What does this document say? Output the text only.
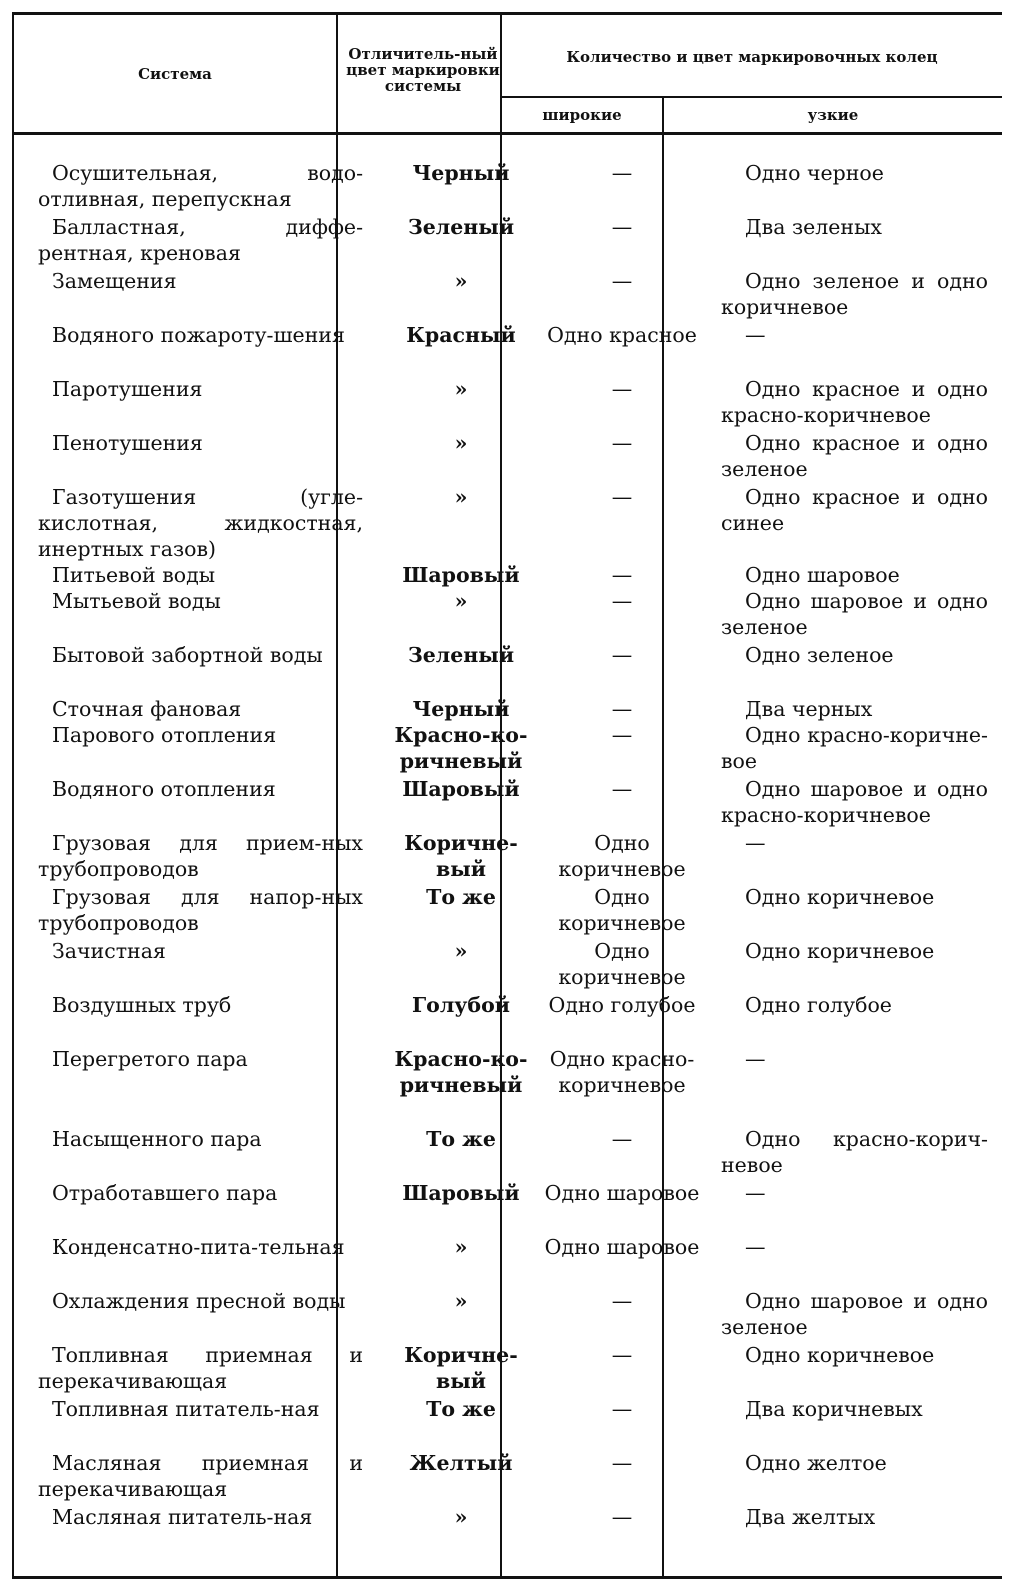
Система
Отличитель-ный цвет маркировки системы
Количество и цвет маркировочных колец
широкие	узкие
Осушительная, водо-отливная, перепускная	Черный	—	Одно черное

Балластная, диффе-рентная, креновая	Зеленый	—	Два зеленых

Замещения	»	—	Одно зеленое и одно коричневое

Водяного пожароту-шения	Красный	Одно красное	—

Паротушения	»	—	Одно красное и одно красно-коричневое

Пенотушения	»	—	Одно красное и одно зеленое

Газотушения (угле-кислотная, жидкостная, инертных газов)	»	—	Одно красное и одно синее

Питьевой воды	Шаровый	—	Одно шаровое

Мытьевой воды	»	—	Одно шаровое и одно зеленое

Бытовой забортной воды	Зеленый	—	Одно зеленое

Сточная фановая	Черный	—	Два черных

Парового отопления	Красно-ко-ричневый	—	Одно красно-коричне-вое

Водяного отопления	Шаровый	—	Одно шаровое и одно красно-коричневое

Грузовая для прием-ных трубопроводов	Коричне-вый	Одно коричневое	—

Грузовая для напор-ных трубопроводов	То же	Одно коричневое	Одно коричневое

Зачистная	»	Одно коричневое	Одно коричневое

Воздушных труб	Голубой	Одно голубое	Одно голубое

Перегретого пара	Красно-ко-ричневый	Одно красно-коричневое	—

Насыщенного пара	То же	—	Одно красно-корич-невое

Отработавшего пара	Шаровый	Одно шаровое	—

Конденсатно-пита-тельная	»	Одно шаровое	—

Охлаждения пресной воды	»	—	Одно шаровое и одно зеленое

Топливная приемная и перекачивающая	Коричне-вый	—	Одно коричневое

Топливная питатель-ная	То же	—	Два коричневых

Масляная приемная и перекачивающая	Желтый	—	Одно желтое

Масляная питатель-ная	»	—	Два желтых
